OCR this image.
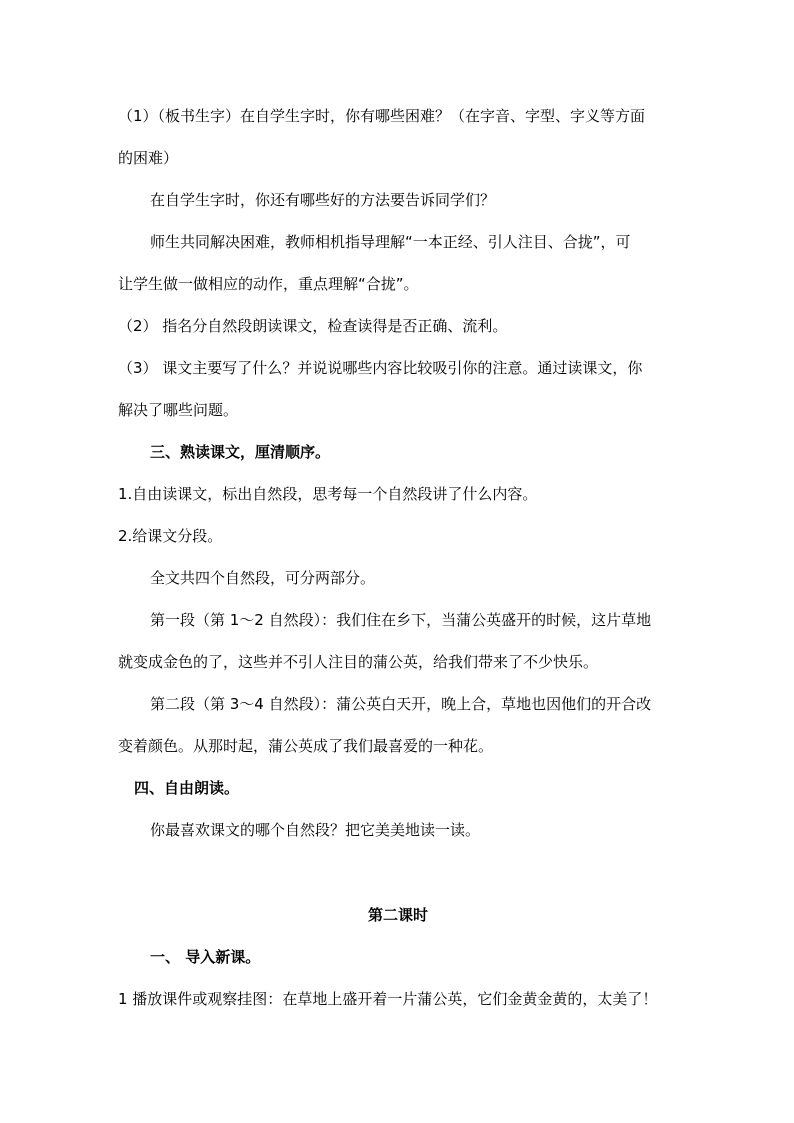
（1）（板书生字）在自学生字时，你有哪些困难？（在字音、字型、字义等方面
的困难）
在自学生字时，你还有哪些好的方法要告诉同学们？
师生共同解决困难，教师相机指导理解“一本正经、引人注目、合拢”，可
让学生做一做相应的动作，重点理解“合拢”。
（2） 指名分自然段朗读课文，检查读得是否正确、流利。
（3） 课文主要写了什么？并说说哪些内容比较吸引你的注意。通过读课文，你
解决了哪些问题。
三、熟读课文，厘清顺序。
1.自由读课文，标出自然段，思考每一个自然段讲了什么内容。
2.给课文分段。
全文共四个自然段，可分两部分。
第一段（第 1～2 自然段）：我们住在乡下，当蒲公英盛开的时候，这片草地
就变成金色的了，这些并不引人注目的蒲公英，给我们带来了不少快乐。
第二段（第 3～4 自然段）：蒲公英白天开，晚上合，草地也因他们的开合改
变着颜色。从那时起，蒲公英成了我们最喜爱的一种花。
四、自由朗读。
你最喜欢课文的哪个自然段？把它美美地读一读。
第二课时
一、 导入新课。
1 播放课件或观察挂图：在草地上盛开着一片蒲公英，它们金黄金黄的，太美了！
